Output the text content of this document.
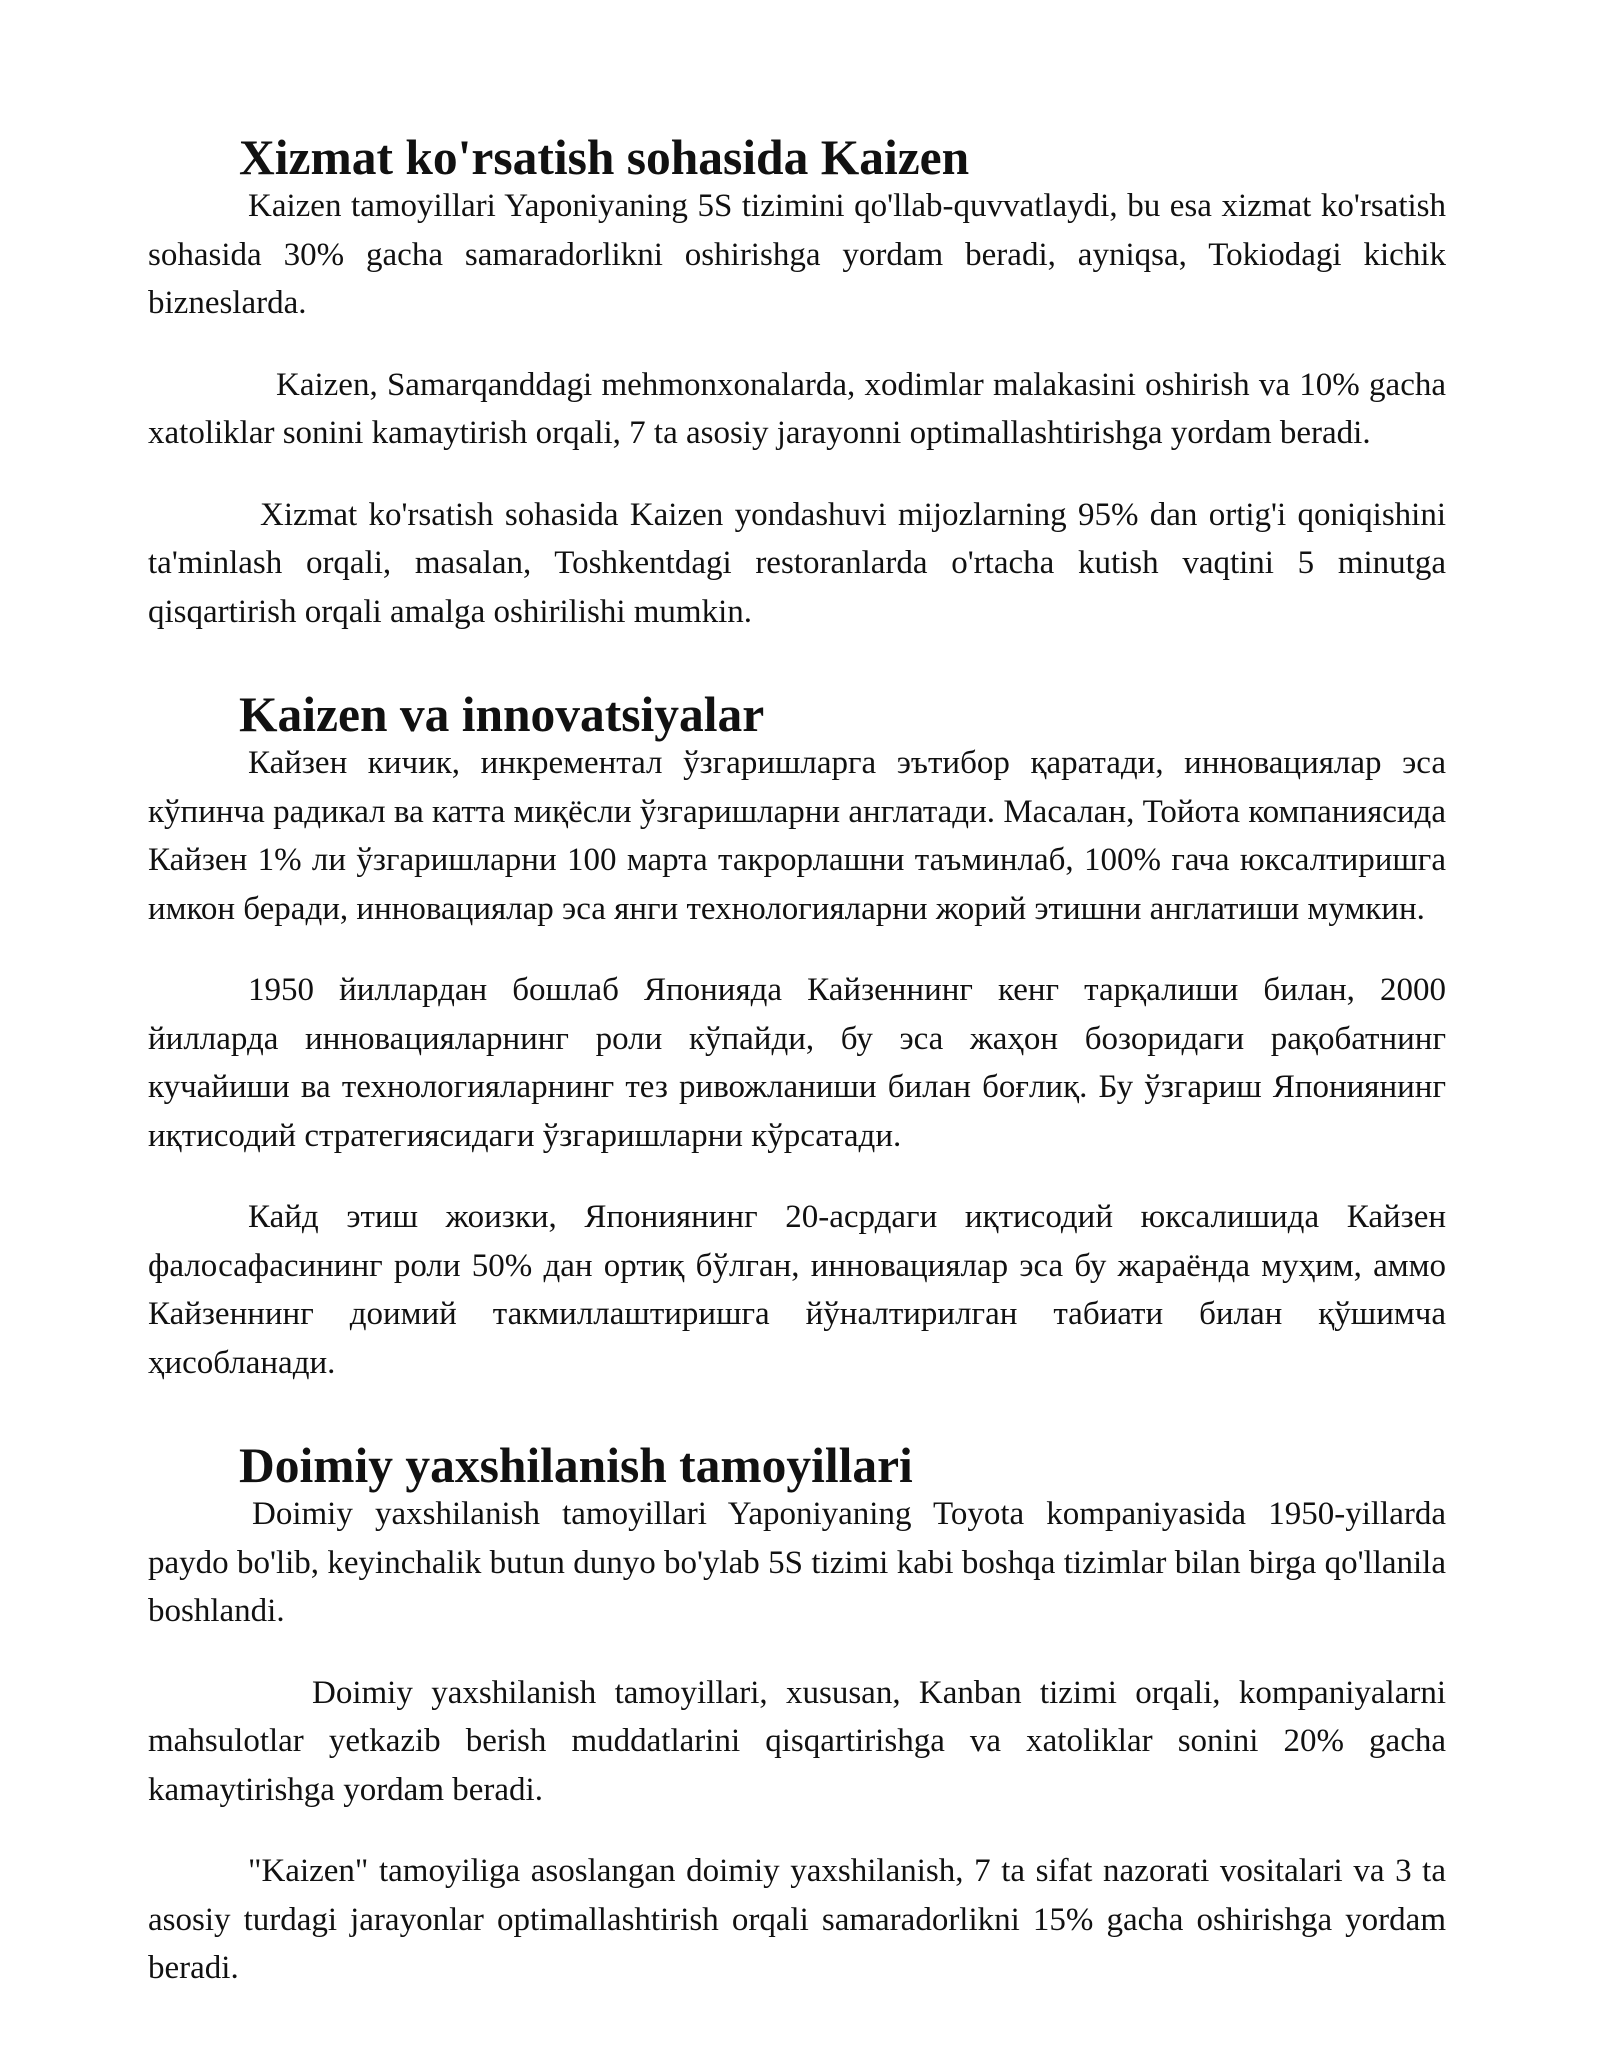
Xizmat ko'rsatish sohasida Kaizen

Kaizen tamoyillari Yaponiyaning 5S tizimini qo'llab-quvvatlaydi, bu esa xizmat ko'rsatish sohasida 30% gacha samaradorlikni oshirishga yordam beradi, ayniqsa, Tokiodagi kichik bizneslarda.

Kaizen, Samarqanddagi mehmonxonalarda, xodimlar malakasini oshirish va 10% gacha xatoliklar sonini kamaytirish orqali, 7 ta asosiy jarayonni optimallashtirishga yordam beradi.

Xizmat ko'rsatish sohasida Kaizen yondashuvi mijozlarning 95% dan ortig'i qoniqishini ta'minlash orqali, masalan, Toshkentdagi restoranlarda o'rtacha kutish vaqtini 5 minutga qisqartirish orqali amalga oshirilishi mumkin.

Kaizen va innovatsiyalar

Кайзен кичик, инкрементал ўзгаришларга эътибор қаратади, инновациялар эса кўпинча радикал ва катта миқёсли ўзгаришларни англатади. Масалан, Тойота компаниясида Кайзен 1% ли ўзгаришларни 100 марта такрорлашни таъминлаб, 100% гача юксалтиришга имкон беради, инновациялар эса янги технологияларни жорий этишни англатиши мумкин.

1950 йиллардан бошлаб Японияда Кайзеннинг кенг тарқалиши билан, 2000 йилларда инновацияларнинг роли кўпайди, бу эса жаҳон бозоридаги рақобатнинг кучайиши ва технологияларнинг тез ривожланиши билан боғлиқ. Бу ўзгариш Япониянинг иқтисодий стратегиясидаги ўзгаришларни кўрсатади.

Кайд этиш жоизки, Япониянинг 20-асрдаги иқтисодий юксалишида Кайзен фалосафасининг роли 50% дан ортиқ бўлган, инновациялар эса бу жараёнда муҳим, аммо Кайзеннинг доимий такмиллаштиришга йўналтирилган табиати билан қўшимча ҳисобланади.

Doimiy yaxshilanish tamoyillari

Doimiy yaxshilanish tamoyillari Yaponiyaning Toyota kompaniyasida 1950-yillarda paydo bo'lib, keyinchalik butun dunyo bo'ylab 5S tizimi kabi boshqa tizimlar bilan birga qo'llanila boshlandi.

Doimiy yaxshilanish tamoyillari, xususan, Kanban tizimi orqali, kompaniyalarni mahsulotlar yetkazib berish muddatlarini qisqartirishga va xatoliklar sonini 20% gacha kamaytirishga yordam beradi.

"Kaizen" tamoyiliga asoslangan doimiy yaxshilanish, 7 ta sifat nazorati vositalari va 3 ta asosiy turdagi jarayonlar optimallashtirish orqali samaradorlikni 15% gacha oshirishga yordam beradi.
